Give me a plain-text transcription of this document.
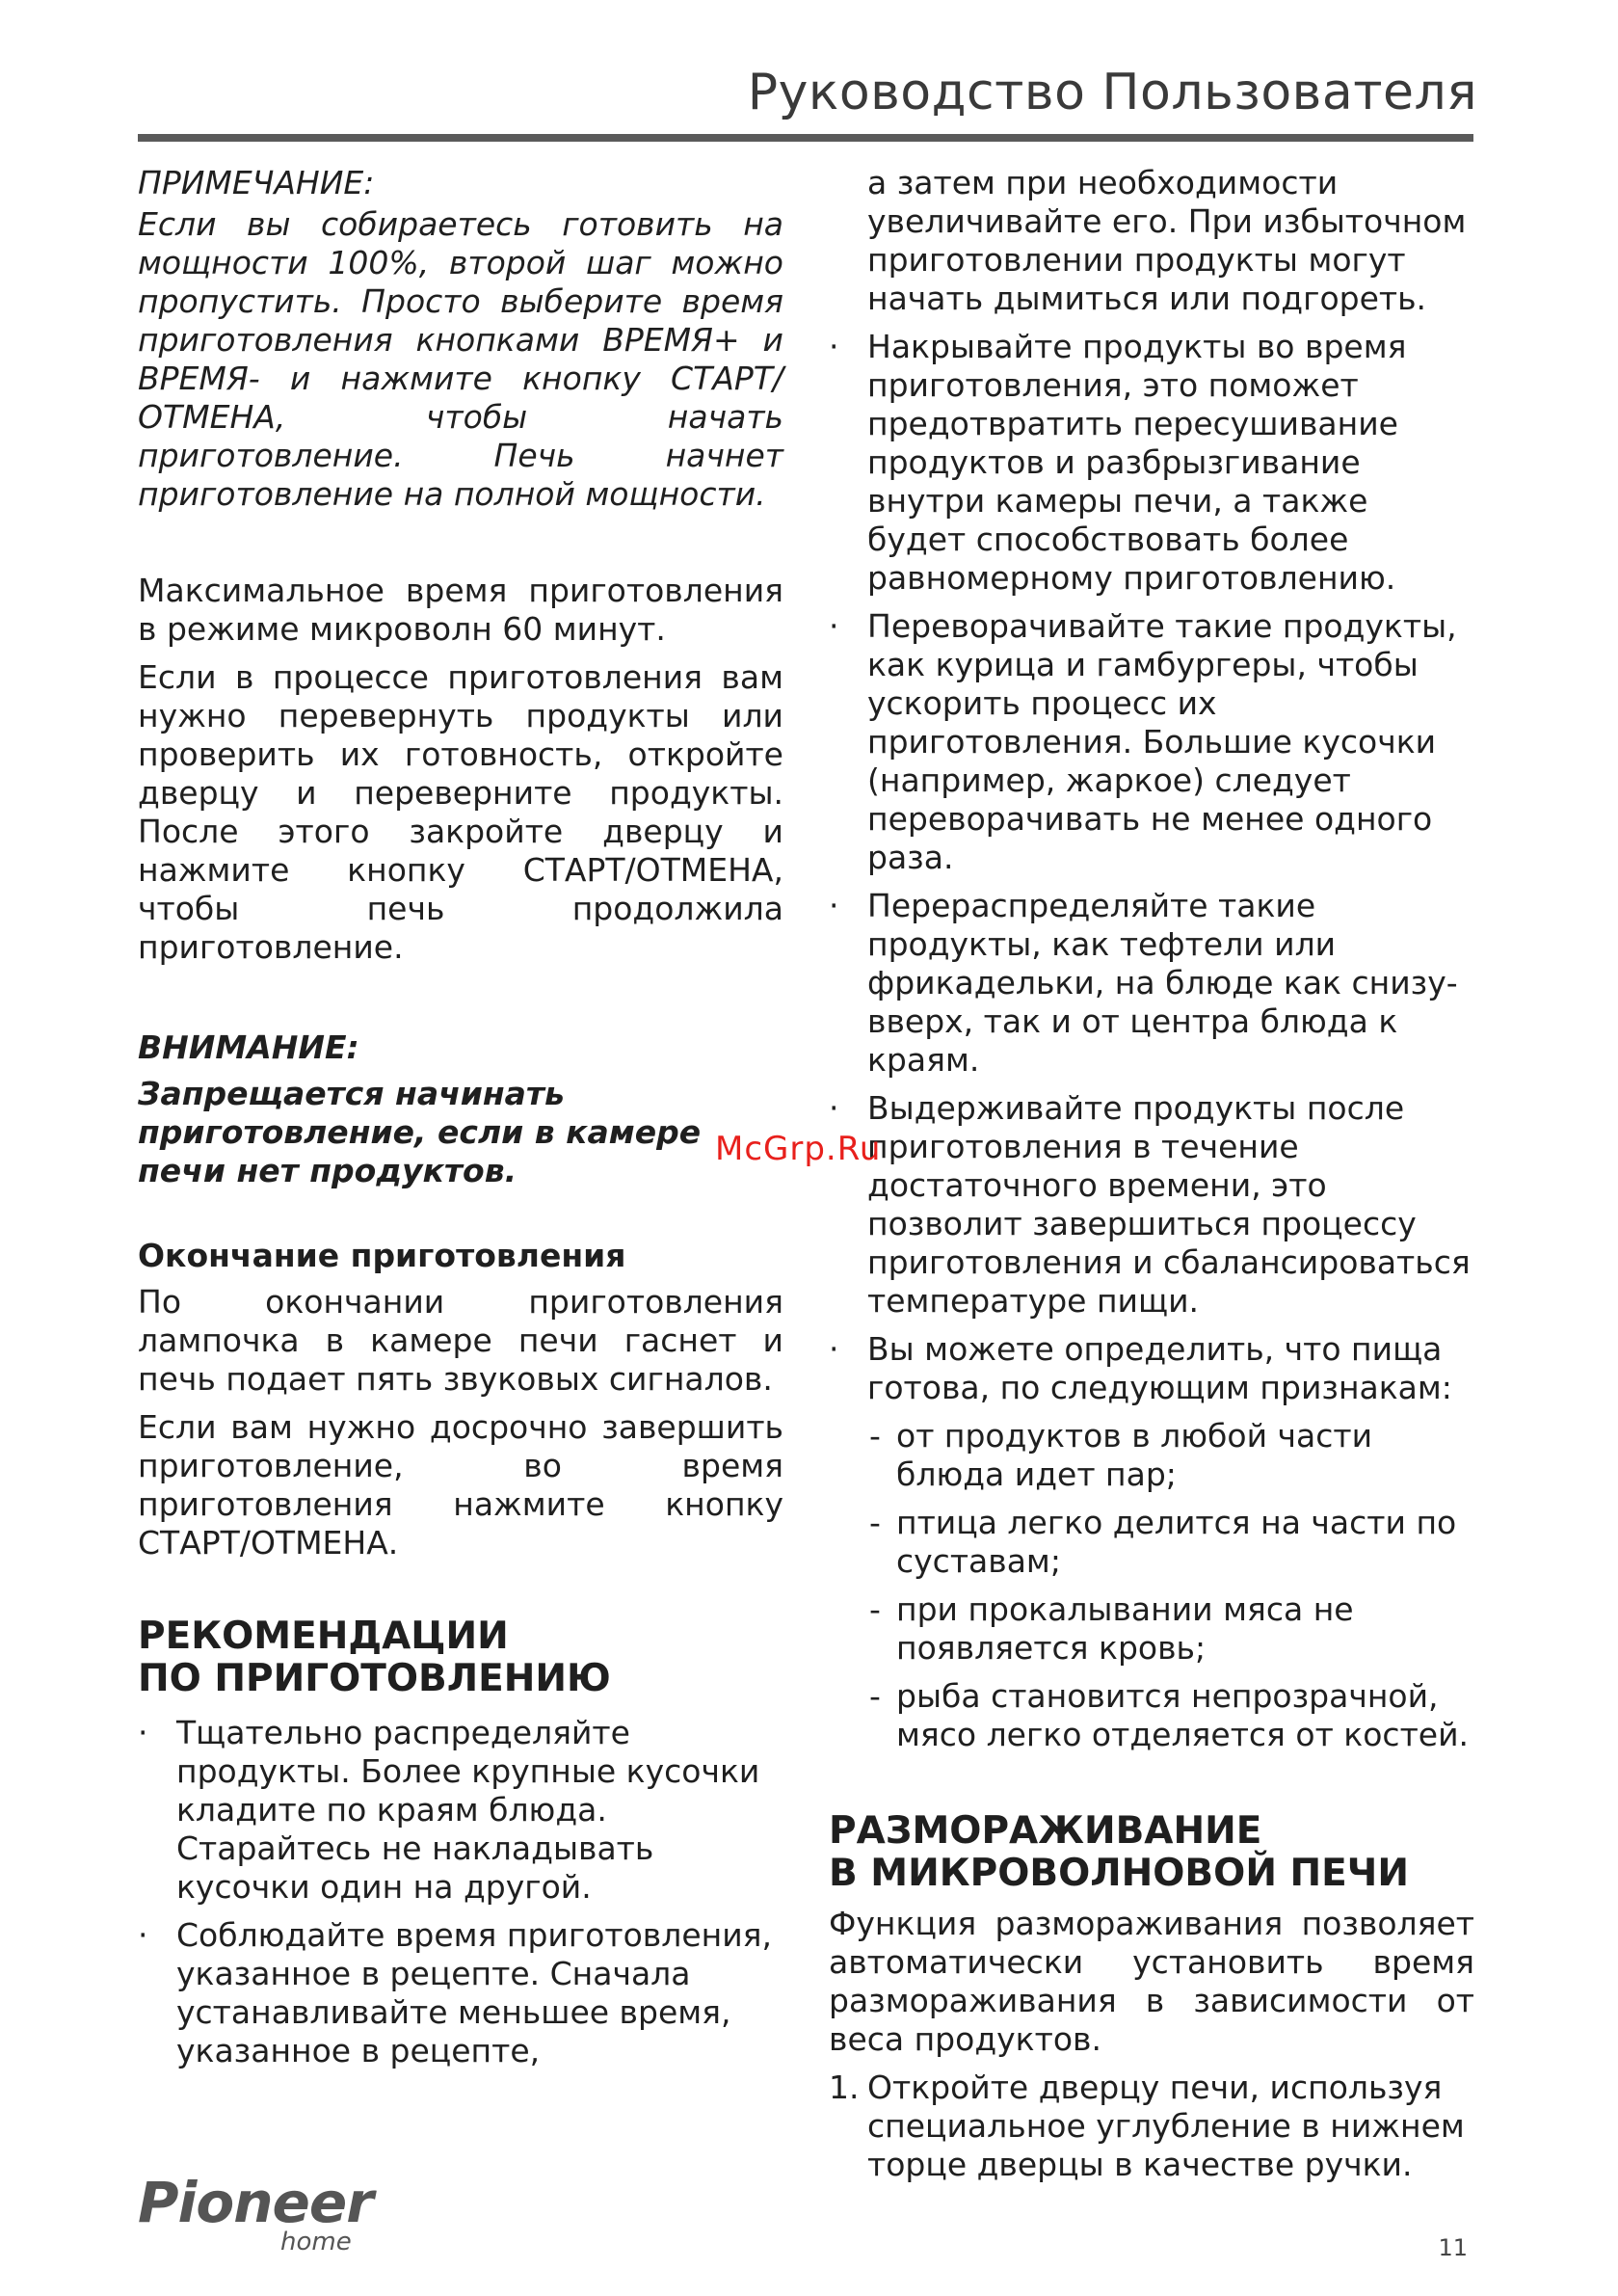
Руководство Пользователя

ПРИМЕЧАНИЕ:

Если вы собираетесь готовить на мощности 100%, второй шаг можно пропустить. Просто выберите время приготовления кнопками ВРЕМЯ+ и ВРЕМЯ- и нажмите кнопку СТАРТ/ОТМЕНА, чтобы начать приготовление. Печь начнет приготовление на полной мощности.

Максимальное время приготовления в режиме микроволн 60 минут.

Если в процессе приготовления вам нужно перевернуть продукты или проверить их готовность, откройте дверцу и переверните продукты. После этого закройте дверцу и нажмите кнопку СТАРТ/ОТМЕНА, чтобы печь продолжила приготовление.

ВНИМАНИЕ:

Запрещается начинать приготовление, если в камере печи нет продуктов.

Окончание приготовления

По окончании приготовления лампочка в камере печи гаснет и печь подает пять звуковых сигналов.

Если вам нужно досрочно завершить приготовление, во время приготовления нажмите кнопку СТАРТ/ОТМЕНА.

РЕКОМЕНДАЦИИ
ПО ПРИГОТОВЛЕНИЮ
· Тщательно распределяйте продукты. Более крупные кусочки кладите по краям блюда. Старайтесь не накладывать кусочки один на другой.
· Соблюдайте время приготовления, указанное в рецепте. Сначала устанавливайте меньшее время, указанное в рецепте,

а затем при необходимости увеличивайте его. При избыточном приготовлении продукты могут начать дымиться или подгореть.

· Накрывайте продукты во время приготовления, это поможет предотвратить пересушивание продуктов и разбрызгивание внутри камеры печи, а также будет способствовать более равномерному приготовлению.
· Переворачивайте такие продукты, как курица и гамбургеры, чтобы ускорить процесс их приготовления. Большие кусочки (например, жаркое) следует переворачивать не менее одного раза.
· Перераспределяйте такие продукты, как тефтели или фрикадельки, на блюде как снизу-вверх, так и от центра блюда к краям.
· Выдерживайте продукты после приготовления в течение достаточного времени, это позволит завершиться процессу приготовления и сбалансироваться температуре пищи.
· Вы можете определить, что пища готова, по следующим признакам:
- от продуктов в любой части блюда идет пар;
- птица легко делится на части по суставам;
- при прокалывании мяса не появляется кровь;
- рыба становится непрозрачной, мясо легко отделяется от костей.
РАЗМОРАЖИВАНИЕ
В МИКРОВОЛНОВОЙ ПЕЧИ

Функция размораживания позволяет автоматически установить время размораживания в зависимости от веса продуктов.

1. Откройте дверцу печи, используя специальное углубление в нижнем торце дверцы в качестве ручки.
McGrp.Ru
Pioneer
home	11
